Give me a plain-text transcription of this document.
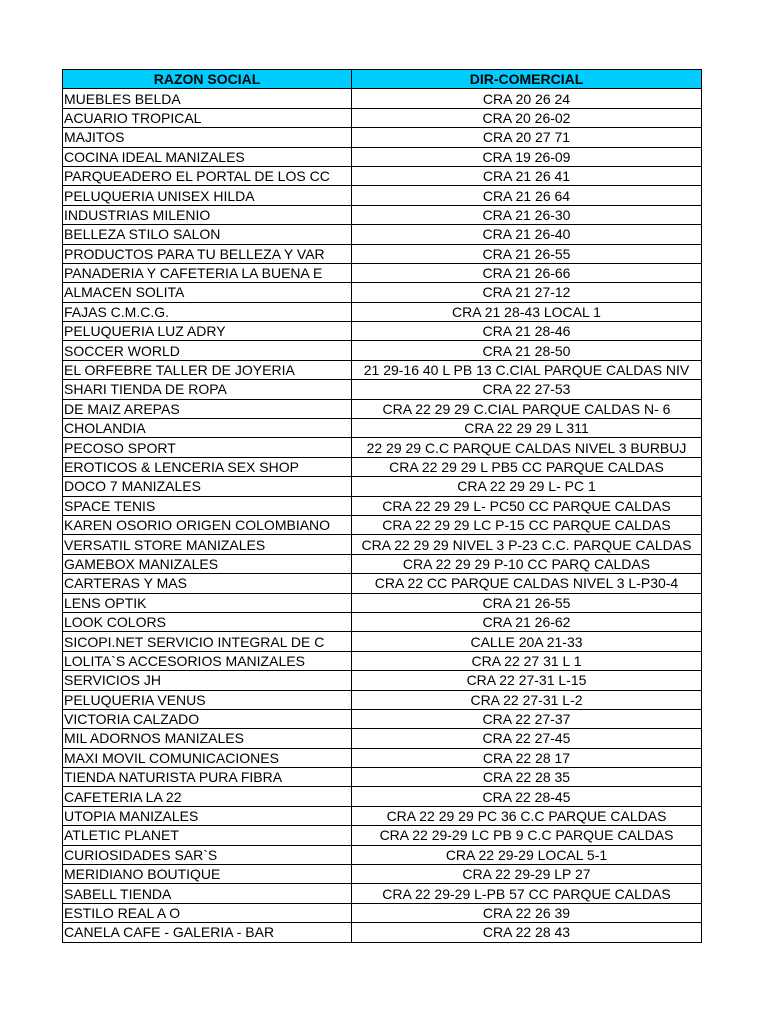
RAZON SOCIAL	DIR-COMERCIAL
MUEBLES BELDA	CRA 20 26 24
ACUARIO TROPICAL	CRA 20 26-02
MAJITOS	CRA 20 27 71
COCINA IDEAL MANIZALES	CRA 19 26-09
PARQUEADERO EL PORTAL DE LOS CC	CRA 21 26 41
PELUQUERIA UNISEX HILDA	CRA 21 26 64
INDUSTRIAS MILENIO	CRA 21 26-30
BELLEZA STILO SALON	CRA 21 26-40
PRODUCTOS PARA TU BELLEZA Y VAR	CRA 21 26-55
PANADERIA Y CAFETERIA LA BUENA E	CRA 21 26-66
ALMACEN SOLITA	CRA 21 27-12
FAJAS C.M.C.G.	CRA 21 28-43 LOCAL 1
PELUQUERIA LUZ ADRY	CRA 21 28-46
SOCCER WORLD	CRA 21 28-50
EL ORFEBRE TALLER DE JOYERIA	21 29-16 40 L PB 13 C.CIAL PARQUE CALDAS NIV
SHARI TIENDA DE ROPA	CRA 22 27-53
DE MAIZ AREPAS	CRA 22 29 29 C.CIAL PARQUE CALDAS N- 6
CHOLANDIA	CRA 22 29 29 L 311
PECOSO SPORT	22 29 29 C.C PARQUE CALDAS NIVEL 3 BURBUJ
EROTICOS & LENCERIA SEX SHOP	CRA 22 29 29 L PB5 CC PARQUE CALDAS
DOCO 7 MANIZALES	CRA 22 29 29 L- PC 1
SPACE TENIS	CRA 22 29 29 L- PC50 CC PARQUE CALDAS
KAREN OSORIO ORIGEN COLOMBIANO	CRA 22 29 29 LC P-15 CC PARQUE CALDAS
VERSATIL STORE MANIZALES	CRA 22 29 29 NIVEL 3 P-23 C.C. PARQUE CALDAS
GAMEBOX MANIZALES	CRA 22 29 29 P-10 CC PARQ CALDAS
CARTERAS Y MAS	CRA 22 CC PARQUE CALDAS NIVEL 3 L-P30-4
LENS OPTIK	CRA 21 26-55
LOOK COLORS	CRA 21 26-62
SICOPI.NET SERVICIO INTEGRAL DE C	CALLE 20A 21-33
LOLITA`S ACCESORIOS MANIZALES	CRA 22 27 31 L 1
SERVICIOS JH	CRA 22 27-31 L-15
PELUQUERIA VENUS	CRA 22 27-31 L-2
VICTORIA CALZADO	CRA 22 27-37
MIL ADORNOS MANIZALES	CRA 22 27-45
MAXI MOVIL COMUNICACIONES	CRA 22 28 17
TIENDA NATURISTA PURA FIBRA	CRA 22 28 35
CAFETERIA LA 22	CRA 22 28-45
UTOPIA MANIZALES	CRA 22 29 29 PC 36 C.C PARQUE CALDAS
ATLETIC PLANET	CRA 22 29-29 LC PB 9 C.C PARQUE CALDAS
CURIOSIDADES SAR`S	CRA 22 29-29 LOCAL 5-1
MERIDIANO BOUTIQUE	CRA 22 29-29 LP 27
SABELL TIENDA	CRA 22 29-29 L-PB 57 CC PARQUE CALDAS
ESTILO REAL A O	CRA 22 26 39
CANELA CAFE - GALERIA - BAR	CRA 22 28 43
